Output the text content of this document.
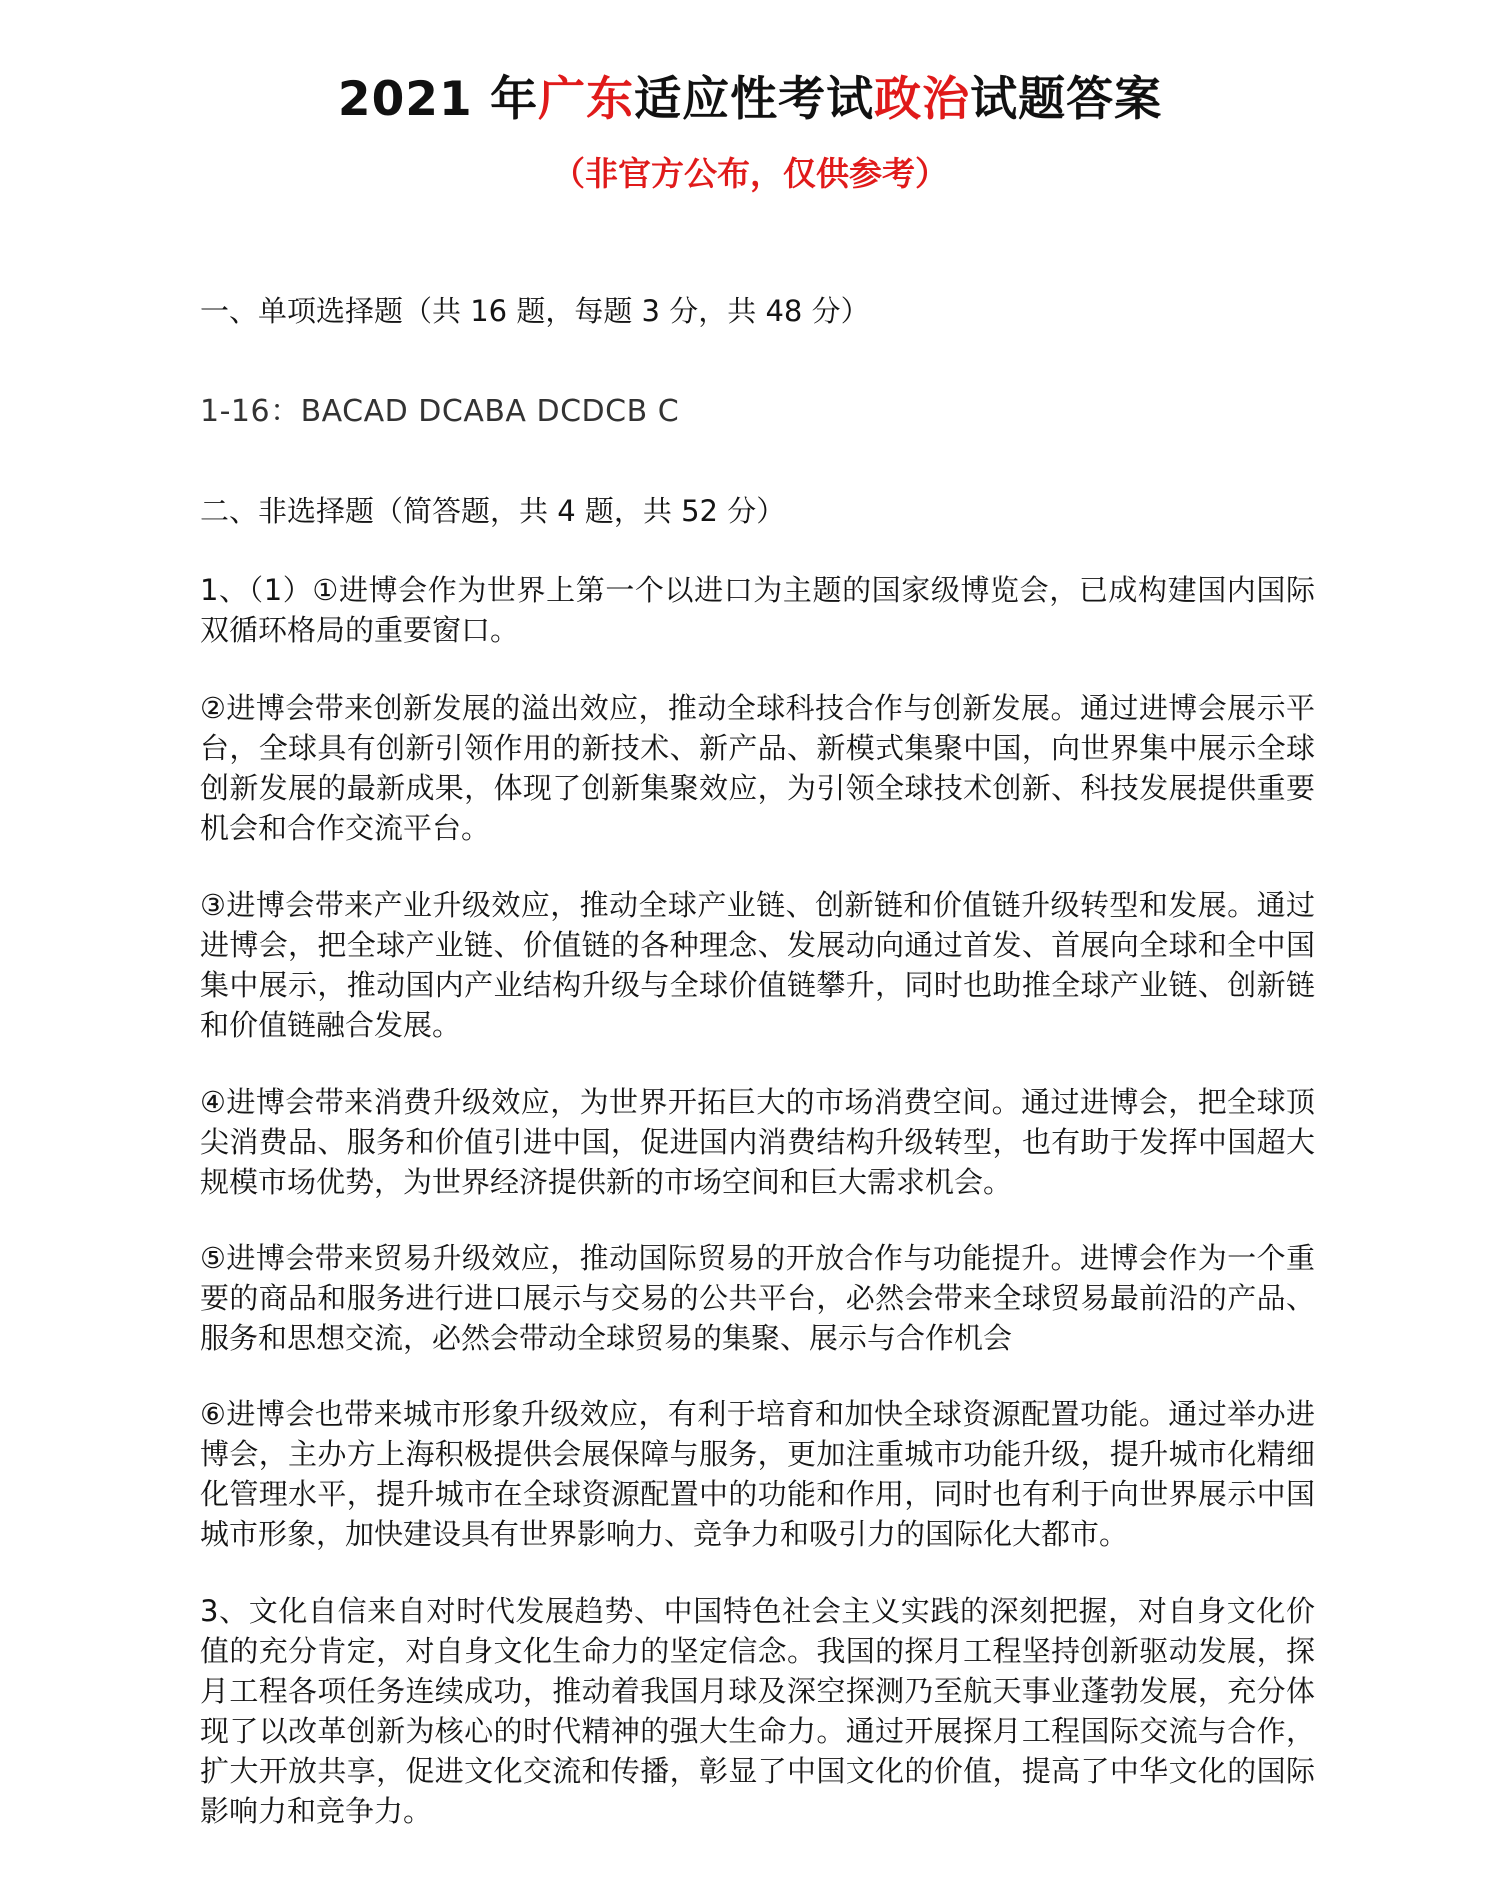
2021 年广东适应性考试政治试题答案
（非官方公布，仅供参考）
一、单项选择题（共 16 题，每题 3 分，共 48 分）
1-16：BACAD DCABA DCDCB C
二、非选择题（简答题，共 4 题，共 52 分）
1、（1）①进博会作为世界上第一个以进口为主题的国家级博览会，已成构建国内国际双循环格局的重要窗口。
②进博会带来创新发展的溢出效应，推动全球科技合作与创新发展。通过进博会展示平台，全球具有创新引领作用的新技术、新产品、新模式集聚中国，向世界集中展示全球创新发展的最新成果，体现了创新集聚效应，为引领全球技术创新、科技发展提供重要机会和合作交流平台。
③进博会带来产业升级效应，推动全球产业链、创新链和价值链升级转型和发展。通过进博会，把全球产业链、价值链的各种理念、发展动向通过首发、首展向全球和全中国集中展示，推动国内产业结构升级与全球价值链攀升，同时也助推全球产业链、创新链和价值链融合发展。
④进博会带来消费升级效应，为世界开拓巨大的市场消费空间。通过进博会，把全球顶尖消费品、服务和价值引进中国，促进国内消费结构升级转型，也有助于发挥中国超大规模市场优势，为世界经济提供新的市场空间和巨大需求机会。
⑤进博会带来贸易升级效应，推动国际贸易的开放合作与功能提升。进博会作为一个重要的商品和服务进行进口展示与交易的公共平台，必然会带来全球贸易最前沿的产品、服务和思想交流，必然会带动全球贸易的集聚、展示与合作机会
⑥进博会也带来城市形象升级效应，有利于培育和加快全球资源配置功能。通过举办进博会，主办方上海积极提供会展保障与服务，更加注重城市功能升级，提升城市化精细化管理水平，提升城市在全球资源配置中的功能和作用，同时也有利于向世界展示中国城市形象，加快建设具有世界影响力、竞争力和吸引力的国际化大都市。
3、文化自信来自对时代发展趋势、中国特色社会主义实践的深刻把握，对自身文化价值的充分肯定，对自身文化生命力的坚定信念。我国的探月工程坚持创新驱动发展，探月工程各项任务连续成功，推动着我国月球及深空探测乃至航天事业蓬勃发展，充分体现了以改革创新为核心的时代精神的强大生命力。通过开展探月工程国际交流与合作，扩大开放共享，促进文化交流和传播，彰显了中国文化的价值，提高了中华文化的国际影响力和竞争力。
